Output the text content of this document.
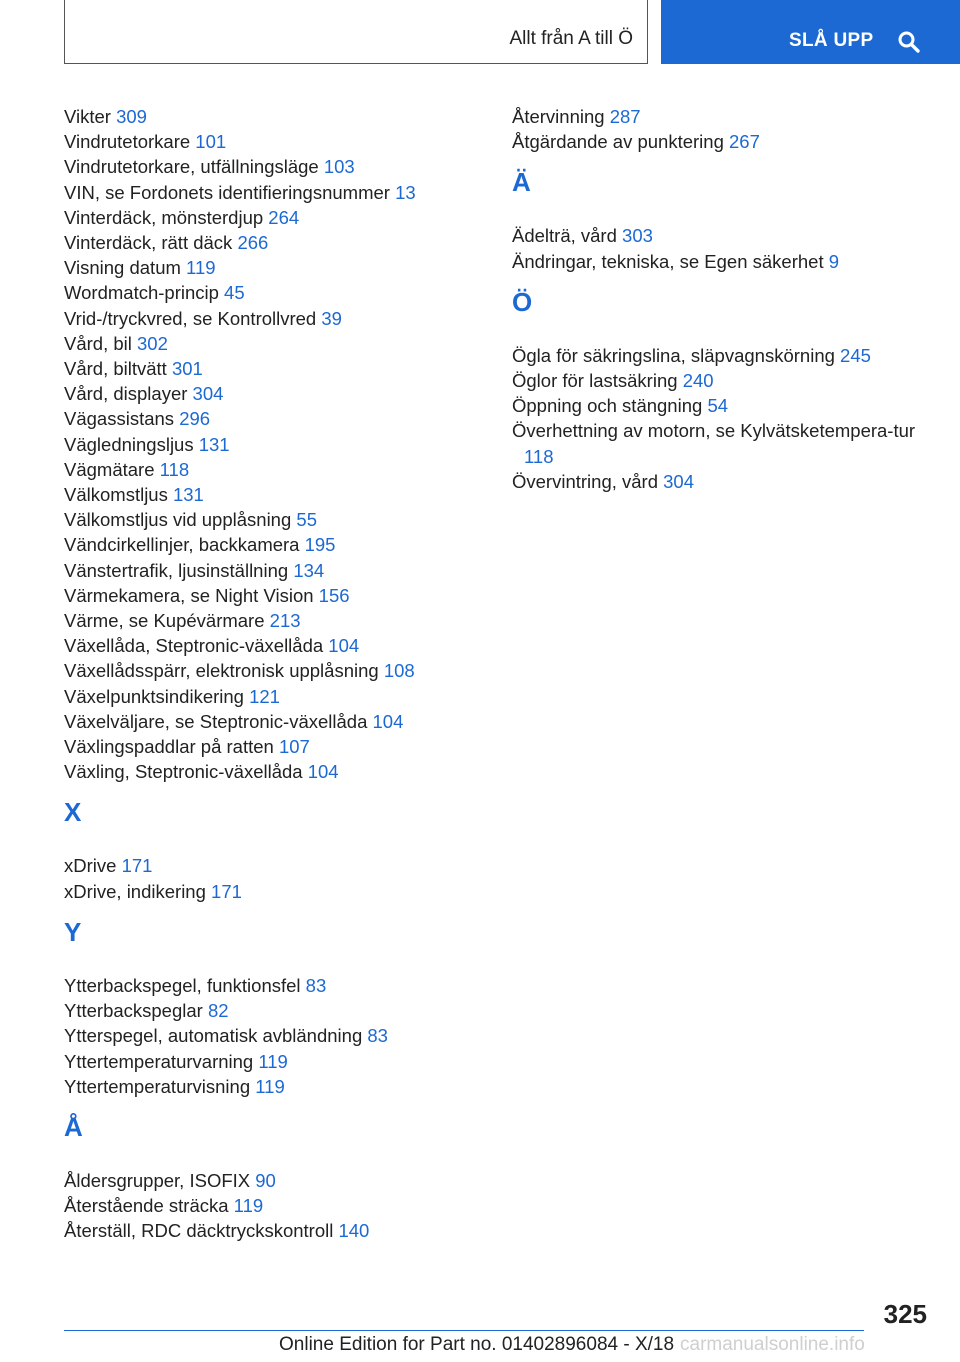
Allt från A till Ö	SLÅ UPP
Vikter 309
Vindrutetorkare 101
Vindrutetorkare, utfällningsläge 103
VIN, se Fordonets identifieringsnummer 13
Vinterdäck, mönsterdjup 264
Vinterdäck, rätt däck 266
Visning datum 119
Wordmatch-princip 45
Vrid-/tryckvred, se Kontrollvred 39
Vård, bil 302
Vård, biltvätt 301
Vård, displayer 304
Vägassistans 296
Vägledningsljus 131
Vägmätare 118
Välkomstljus 131
Välkomstljus vid upplåsning 55
Vändcirkellinjer, backkamera 195
Vänstertrafik, ljusinställning 134
Värmekamera, se Night Vision 156
Värme, se Kupévärmare 213
Växellåda, Steptronic-växellåda 104
Växellådsspärr, elektronisk upplåsning 108
Växelpunktsindikering 121
Växelväljare, se Steptronic-växellåda 104
Växlingspaddlar på ratten 107
Växling, Steptronic-växellåda 104
X
xDrive 171
xDrive, indikering 171
Y
Ytterbackspegel, funktionsfel 83
Ytterbackspeglar 82
Ytterspegel, automatisk avbländning 83
Yttertemperaturvarning 119
Yttertemperaturvisning 119
Å
Åldersgrupper, ISOFIX 90
Återstående sträcka 119
Återställ, RDC däcktryckskontroll 140
Återvinning 287
Åtgärdande av punktering 267
Ä
Ädelträ, vård 303
Ändringar, tekniska, se Egen säkerhet 9
Ö
Ögla för säkringslina, släpvagnskörning 245
Öglor för lastsäkring 240
Öppning och stängning 54
Överhettning av motorn, se Kylvätsketempera-tur 118
Övervintring, vård 304
325
Online Edition for Part no. 01402896084 - X/18 carmanualsonline.info
